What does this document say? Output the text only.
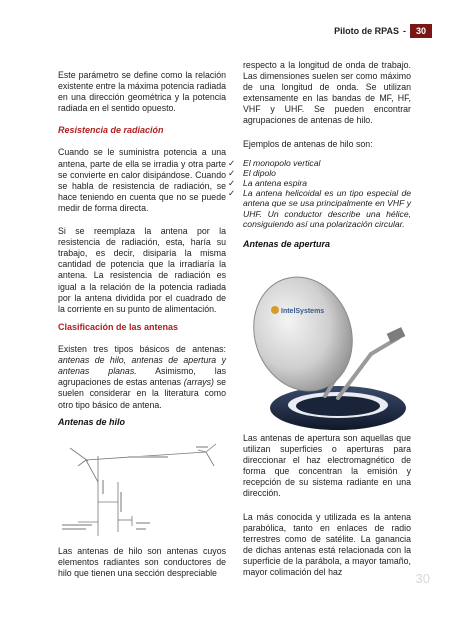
Piloto de RPAS -	30

Este parámetro se define como la relación existente entre la máxima potencia radiada en una dirección geométrica y la potencia radiada en el sentido opuesto.

Resistencia de radiación

Cuando se le suministra potencia a una antena, parte de ella se irradia y otra parte se convierte en calor disipándose. Cuando se habla de resistencia de radiación, se hace teniendo en cuenta que no se puede medir de forma directa.

Si se reemplaza la antena por la resistencia de radiación, esta, haría su trabajo, es decir, disiparía la misma cantidad de potencia que la irradiaría la antena. La resistencia de radiación es igual a la relación de la potencia radiada por la antena dividida por el cuadrado de la corriente en su punto de alimentación.

Clasificación de las antenas

Existen tres tipos básicos de antenas: antenas de hilo, antenas de apertura y antenas planas. Asimismo, las agrupaciones de estas antenas (arrays) se suelen considerar en la literatura como otro tipo básico de antena.

Antenas de hilo

Las antenas de hilo son antenas cuyos elementos radiantes son conductores de hilo que tienen una sección despreciable

respecto a la longitud de onda de trabajo. Las dimensiones suelen ser como máximo de una longitud de onda. Se utilizan extensamente en las bandas de MF, HF, VHF y UHF. Se pueden encontrar agrupaciones de antenas de hilo.

Ejemplos de antenas de hilo son:

✓ El monopolo vertical
✓ El dipolo
✓ La antena espira
✓ La antena helicoidal es un tipo especial de antena que se usa principalmente en VHF y UHF. Un conductor describe una hélice, consiguiendo así una polarización circular.
Antenas de apertura
IntelSystems

Las antenas de apertura son aquellas que utilizan superficies o aperturas para direccionar el haz electromagnético de forma que concentran la emisión y recepción de su sistema radiante en una dirección.

La más conocida y utilizada es la antena parabólica, tanto en enlaces de radio terrestres como de satélite. La ganancia de dichas antenas está relacionada con la superficie de la parábola, a mayor tamaño, mayor colimación del haz	30
